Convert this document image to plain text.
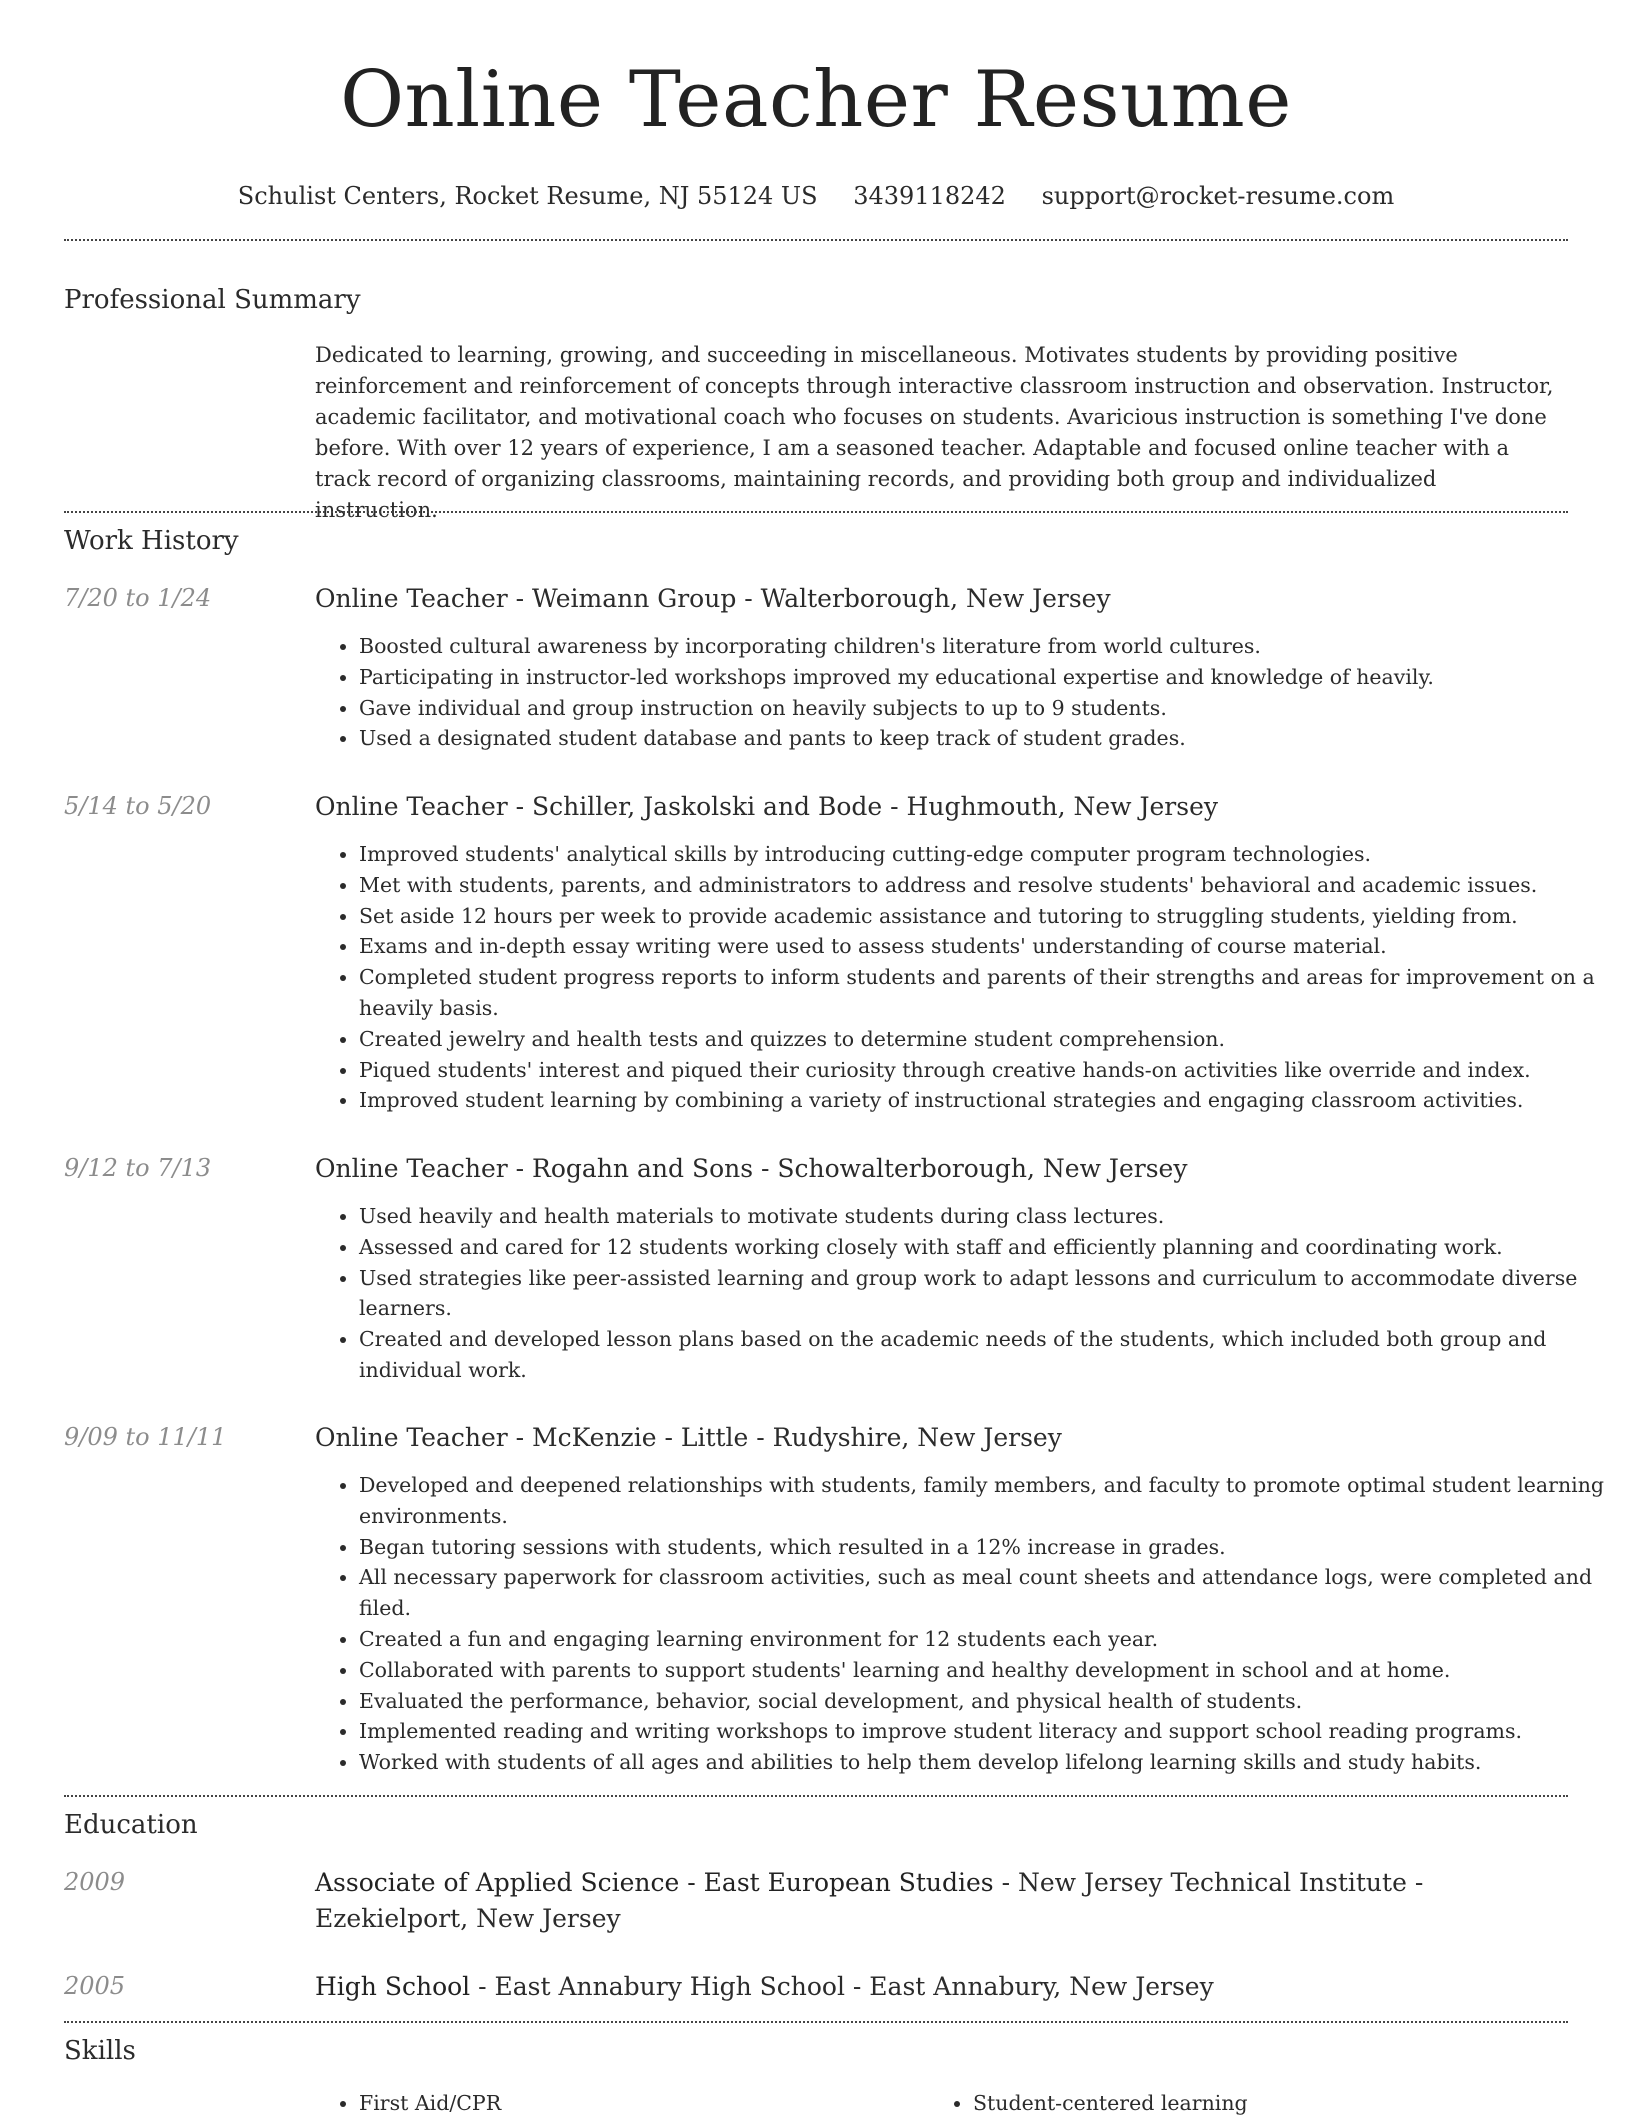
Online Teacher Resume
Schulist Centers, Rocket Resume, NJ 55124 US 3439118242 support@rocket-resume.com
Professional Summary
Dedicated to learning, growing, and succeeding in miscellaneous. Motivates students by providing positive reinforcement and reinforcement of concepts through interactive classroom instruction and observation. Instructor, academic facilitator, and motivational coach who focuses on students. Avaricious instruction is something I've done before. With over 12 years of experience, I am a seasoned teacher. Adaptable and focused online teacher with a track record of organizing classrooms, maintaining records, and providing both group and individualized instruction.
Work History
7/20 to 1/24	Online Teacher - Weimann Group - Walterborough, New Jersey
• Boosted cultural awareness by incorporating children's literature from world cultures.
• Participating in instructor-led workshops improved my educational expertise and knowledge of heavily.
• Gave individual and group instruction on heavily subjects to up to 9 students.
• Used a designated student database and pants to keep track of student grades.
5/14 to 5/20	Online Teacher - Schiller, Jaskolski and Bode - Hughmouth, New Jersey
• Improved students' analytical skills by introducing cutting-edge computer program technologies.
• Met with students, parents, and administrators to address and resolve students' behavioral and academic issues.
• Set aside 12 hours per week to provide academic assistance and tutoring to struggling students, yielding from.
• Exams and in-depth essay writing were used to assess students' understanding of course material.
• Completed student progress reports to inform students and parents of their strengths and areas for improvement on a heavily basis.
• Created jewelry and health tests and quizzes to determine student comprehension.
• Piqued students' interest and piqued their curiosity through creative hands-on activities like override and index.
• Improved student learning by combining a variety of instructional strategies and engaging classroom activities.
9/12 to 7/13	Online Teacher - Rogahn and Sons - Schowalterborough, New Jersey
• Used heavily and health materials to motivate students during class lectures.
• Assessed and cared for 12 students working closely with staff and efficiently planning and coordinating work.
• Used strategies like peer-assisted learning and group work to adapt lessons and curriculum to accommodate diverse learners.
• Created and developed lesson plans based on the academic needs of the students, which included both group and individual work.
9/09 to 11/11	Online Teacher - McKenzie - Little - Rudyshire, New Jersey
• Developed and deepened relationships with students, family members, and faculty to promote optimal student learning environments.
• Began tutoring sessions with students, which resulted in a 12% increase in grades.
• All necessary paperwork for classroom activities, such as meal count sheets and attendance logs, were completed and filed.
• Created a fun and engaging learning environment for 12 students each year.
• Collaborated with parents to support students' learning and healthy development in school and at home.
• Evaluated the performance, behavior, social development, and physical health of students.
• Implemented reading and writing workshops to improve student literacy and support school reading programs.
• Worked with students of all ages and abilities to help them develop lifelong learning skills and study habits.
Education
2009	Associate of Applied Science - East European Studies - New Jersey Technical Institute - Ezekielport, New Jersey
2005	High School - East Annabury High School - East Annabury, New Jersey
Skills
• First Aid/CPR
•	Student-centered learning
